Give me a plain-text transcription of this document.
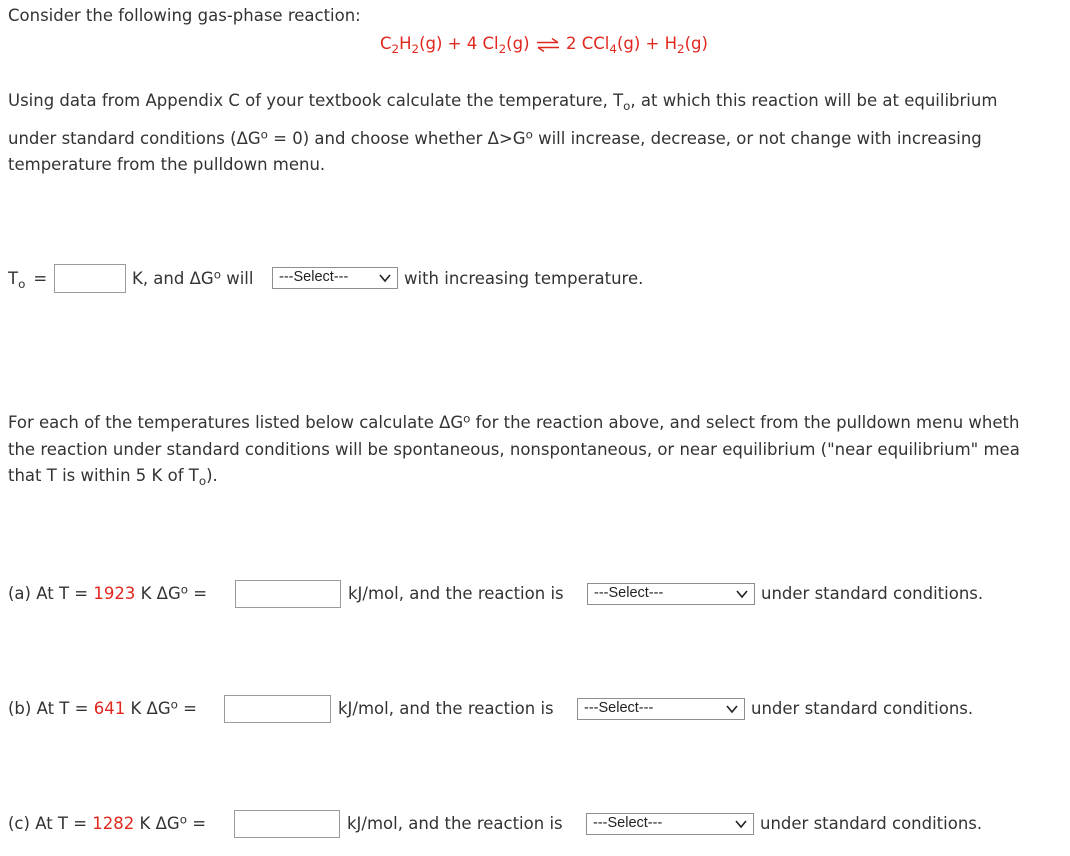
Consider the following gas-phase reaction:
$C_2H_2(g) + 4$ $Cl_2(g)$ ⇌ 2 $CCl_4(g) + H_2(g)$
Using data from Appendix C of your textbook calculate the temperature, $T_o$, at which this reaction will be at equilibrium
under standard conditions $(\Delta G^o = 0)$ and choose whether $\Delta>G^o$ will increase, decrease, or not change with increasing
temperature from the pulldown menu.
$T_o$ =	K, and $\Delta G^o$ will	---Select---	with increasing temperature.
For each of the temperatures listed below calculate $\Delta G^o$ for the reaction above, and select from the pulldown menu wheth
the reaction under standard conditions will be spontaneous, nonspontaneous, or near equilibrium ("near equilibrium" mea
that T is within 5 K of $T_o$).
(a) At T = 1923 K $\Delta G^o$ =	kJ/mol, and the reaction is	---Select---	under standard conditions.
(b) At T = 641 K $\Delta G^o$ =	kJ/mol, and the reaction is	---Select---	under standard conditions.
(c) At T = 1282 K $\Delta G^o$ =	kJ/mol, and the reaction is	---Select---	under standard conditions.
